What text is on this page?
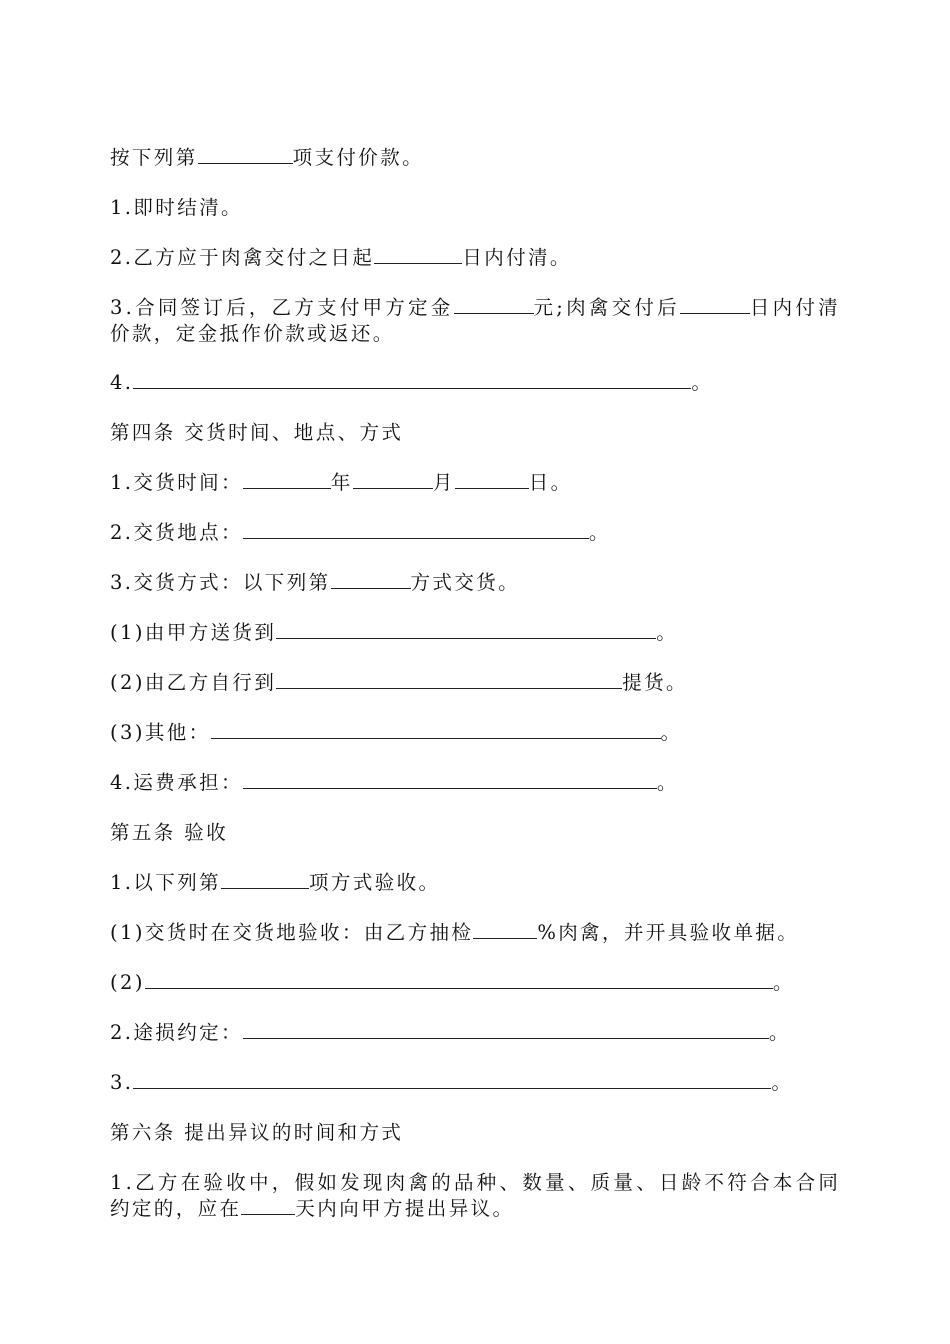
按下列第	项支付价款。
1.即时结清。
2.乙方应于肉禽交付之日起	日内付清。
3.合同签订后，乙方支付甲方定金	元;肉禽交付后	日内付清
价款，定金抵作价款或返还。
4.	。
第四条 交货时间、地点、方式
1.交货时间：	年	月	日。
2.交货地点：	。
3.交货方式：以下列第	方式交货。
(1)由甲方送货到	。
(2)由乙方自行到	提货。
(3)其他：	。
4.运费承担：	。
第五条 验收
1.以下列第	项方式验收。
(1)交货时在交货地验收：由乙方抽检	%肉禽，并开具验收单据。
(2)	。
2.途损约定：	。
3.	。
第六条 提出异议的时间和方式
1.乙方在验收中，假如发现肉禽的品种、数量、质量、日龄不符合本合同
约定的，应在	天内向甲方提出异议。
